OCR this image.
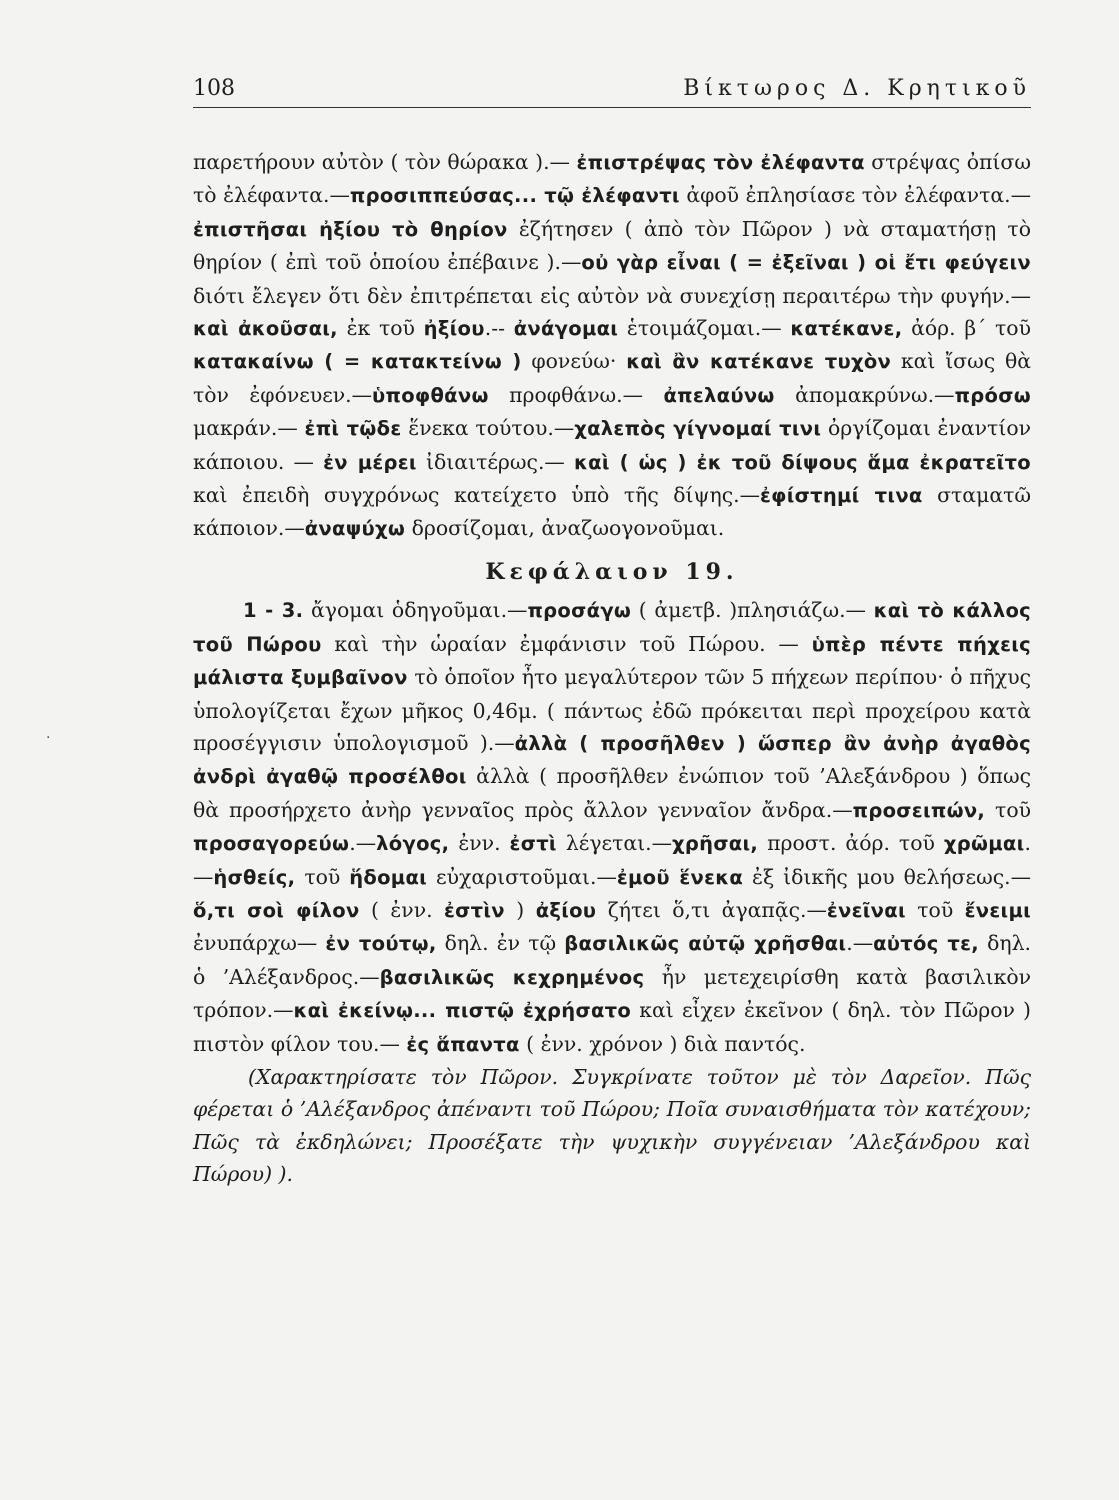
108	Βίκτωρος Δ. Κρητικοῦ
·

παρετήρουν αὐτὸν ( τὸν θώρακα ).— ἐπιστρέψας τὸν ἐλέφαντα στρέψας ὀπίσω τὸ ἐλέφαντα.—προσιππεύσας... τῷ ἐλέφαντι ἀφοῦ ἐπλησίασε τὸν ἐλέφαντα.—ἐπιστῆσαι ἠξίου τὸ θηρίον ἐζήτησεν ( ἀπὸ τὸν Πῶρον ) νὰ σταματήσῃ τὸ θηρίον ( ἐπὶ τοῦ ὁποίου ἐπέβαινε ).—οὐ γὰρ εἶναι ( = ἐξεῖναι ) οἱ ἔτι φεύγειν διότι ἔλεγεν ὅτι δὲν ἐπιτρέπεται εἰς αὐτὸν νὰ συνεχίσῃ περαιτέρω τὴν φυγήν.—καὶ ἀκοῦσαι, ἐκ τοῦ ἠξίου.-- ἀνάγομαι ἑτοιμάζομαι.— κατέκανε, ἀόρ. β΄ τοῦ κατακαίνω ( = κατακτείνω ) φονεύω· καὶ ἂν κατέκανε τυχὸν καὶ ἴσως θὰ τὸν ἐφόνευεν.—ὑποφθάνω προφθάνω.— ἀπελαύνω ἀπομακρύνω.—πρόσω μακράν.— ἐπὶ τῷδε ἕνεκα τούτου.—χαλεπὸς γίγνομαί τινι ὀργίζομαι ἐναντίον κάποιου. — ἐν μέρει ἰδιαιτέρως.— καὶ ( ὡς ) ἐκ τοῦ δίψους ἅμα ἐκρατεῖτο καὶ ἐπειδὴ συγχρόνως κατείχετο ὑπὸ τῆς δίψης.—ἐφίστημί τινα σταματῶ κάποιον.—ἀναψύχω δροσίζομαι, ἀναζωογονοῦμαι.

Κεφάλαιον 19.

1 - 3. ἄγομαι ὁδηγοῦμαι.—προσάγω ( ἀμετβ. )πλησιάζω.— καὶ τὸ κάλλος τοῦ Πώρου καὶ τὴν ὡραίαν ἐμφάνισιν τοῦ Πώρου. — ὑπὲρ πέντε πήχεις μάλιστα ξυμβαῖνον τὸ ὁποῖον ἦτο μεγαλύτερον τῶν 5 πήχεων περίπου· ὁ πῆχυς ὑπολογίζεται ἔχων μῆκος 0,46μ. ( πάντως ἐδῶ πρόκειται περὶ προχείρου κατὰ προσέγγισιν ὑπολογισμοῦ ).—ἀλλὰ ( προσῆλθεν ) ὥσπερ ἂν ἀνὴρ ἀγαθὸς ἀνδρὶ ἀγαθῷ προσέλθοι ἀλλὰ ( προσῆλθεν ἐνώπιον τοῦ ’Αλεξάνδρου ) ὅπως θὰ προσήρχετο ἀνὴρ γενναῖος πρὸς ἄλλον γενναῖον ἄνδρα.—προσειπών, τοῦ προσαγορεύω.—λόγος, ἐνν. ἐστὶ λέγεται.—χρῆσαι, προστ. ἀόρ. τοῦ χρῶμαι.—ἡσθείς, τοῦ ἥδομαι εὐχαριστοῦμαι.—ἐμοῦ ἕνεκα ἐξ ἰδικῆς μου θελήσεως.—ὅ,τι σοὶ φίλον ( ἐνν. ἐστὶν ) ἀξίου ζήτει ὅ,τι ἀγαπᾷς.—ἐνεῖναι τοῦ ἔνειμι ἐνυπάρχω— ἐν τούτῳ, δηλ. ἐν τῷ βασιλικῶς αὐτῷ χρῆσθαι.—αὐτός τε, δηλ. ὁ ’Αλέξανδρος.—βασιλικῶς κεχρημένος ἦν μετεχειρίσθη κατὰ βασιλικὸν τρόπον.—καὶ ἐκείνῳ... πιστῷ ἐχρήσατο καὶ εἶχεν ἐκεῖνον ( δηλ. τὸν Πῶρον ) πιστὸν φίλον του.— ἐς ἅπαντα ( ἐνν. χρόνον ) διὰ παντός.

(Χαρακτηρίσατε τὸν Πῶρον. Συγκρίνατε τοῦτον μὲ τὸν Δαρεῖον. Πῶς φέρεται ὁ ’Αλέξανδρος ἀπέναντι τοῦ Πώρου; Ποῖα συναισθήματα τὸν κατέχουν; Πῶς τὰ ἐκδηλώνει; Προσέξατε τὴν ψυχικὴν συγγένειαν ’Αλεξάνδρου καὶ Πώρου) ).
